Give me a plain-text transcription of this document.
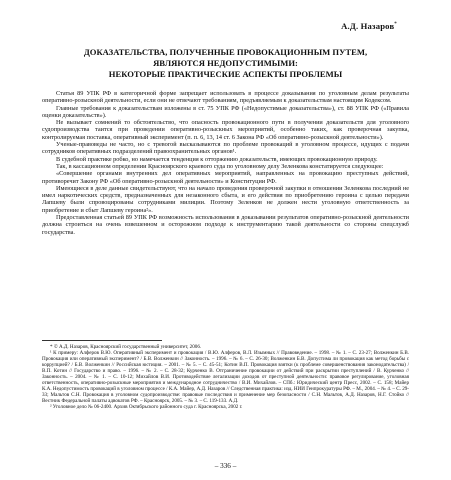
А.Д. Назаров*
ДОКАЗАТЕЛЬСТВА, ПОЛУЧЕННЫЕ ПРОВОКАЦИОННЫМ ПУТЕМ,
ЯВЛЯЮТСЯ НЕДОПУСТИМЫМИ:
НЕКОТОРЫЕ ПРАКТИЧЕСКИЕ АСПЕКТЫ ПРОБЛЕМЫ

Статья 89 УПК РФ в категоричной форме запрещает использовать в процессе доказывания по уголовным делам результаты оперативно-розыскной деятельности, если они не отвечают требованиям, предъявляемым к доказательствам настоящим Кодексом.

Главные требования к доказательствам изложены в ст. 75 УПК РФ («Недопустимые доказательства»), ст. 88 УПК РФ («Правила оценки доказательств»).

Не вызывает сомнений то обстоятельство, что опасность провокационного пути в получении доказательств для уголовного судопроизводства таится при проведении оперативно-розыскных мероприятий, особенно таких, как проверочная закупка, контролируемая поставка, оперативный эксперимент (п. п. 6, 13, 14 ст. 6 Закона РФ «Об оперативно-розыскной деятельности»).

Ученые-правоведы не часто, но с тревогой высказываются по проблеме провокаций в уголовном процессе, идущих с подачи сотрудников оперативных подразделений правоохранительных органов¹.

В судебной практике робко, но намечается тенденция к отторжению доказательств, имеющих провокационную природу.

Так, в кассационном определении Красноярского краевого суда по уголовному делу Зеленкова констатируется следующее:

«Совершение органами внутренних дел оперативных мероприятий, направленных на провокацию преступных действий, противоречит Закону РФ «Об оперативно-розыскной деятельности» и Конституции РФ.

Имеющиеся в деле данные свидетельствуют, что на начало проведения проверочной закупки в отношении Зеленкова последний не имел наркотических средств, предназначенных для незаконного сбыта, и его действия по приобретению героина с целью передачи Лапшеву были спровоцированы сотрудниками милиции. Поэтому Зеленков не должен нести уголовную ответственность за приобретение и сбыт Лапшеву героина²».

Предоставленная статьей 89 УПК РФ возможность использования в доказывании результатов оперативно-розыскной деятельности должна строиться на очень взвешенном и осторожном подходе к инструментарию такой деятельности со стороны спецслужб государства.

* © А.Д. Назаров, Красноярский государственный университет, 2006.

¹ К примеру: Алферов В.Ю. Оперативный эксперимент и провокация / В.Ю. Алферов, В.Л. Изымных // Правоведение. – 1998. – № 1. – С. 23-27; Волженкин Б.В. Провокация или оперативный эксперимент? / Б.В. Волженкин // Законность. – 1996. – № 6. – С. 26-30; Волженкин Б.В. Допустима ли провокация как метод борьбы с коррупцией? / Б.В. Волженкин // Российская юстиция. – 2001. – № 5. – С. 45-51; Котин В.П. Провокация взятки (к проблеме совершенствования законодательства) / В.П. Котин // Государство и право. – 1996. – № 2. – С. 28-32; Курченко В. Отграничение провокации от действий при раскрытии преступлений / В. Курченко // Законность. – 2004. – № 1. – С. 10-12; Михайлов В.И. Противодействие легализации доходов от преступной деятельности: правовое регулирование, уголовная ответственность, оперативно-розыскные мероприятия и международное сотрудничество / В.И. Михайлов. – СПб.: Юридический центр Пресс, 2002. – С. 158; Майер К.А. Недопустимость провокаций в уголовном процессе / К.А. Майер, А.Д. Назаров // Следственная практика: изд. НИИ Генпрокуратуры РФ. – М., 2004. – № 4. – С. 29-33; Мальтов С.Н. Провокация в уголовном судопроизводстве: правовые последствия и применение мер безопасности / С.Н. Мальтов, А.Д. Назаров, Н.Г. Стойко // Вестник Федеральной палаты адвокатов РФ. – Красноярск, 2005. – № 3. – С. 119-133. А.Д.

² Уголовное дело № 06-2400. Архив Октябрьского районного суда г. Красноярска, 2002 г.

– 336 –
